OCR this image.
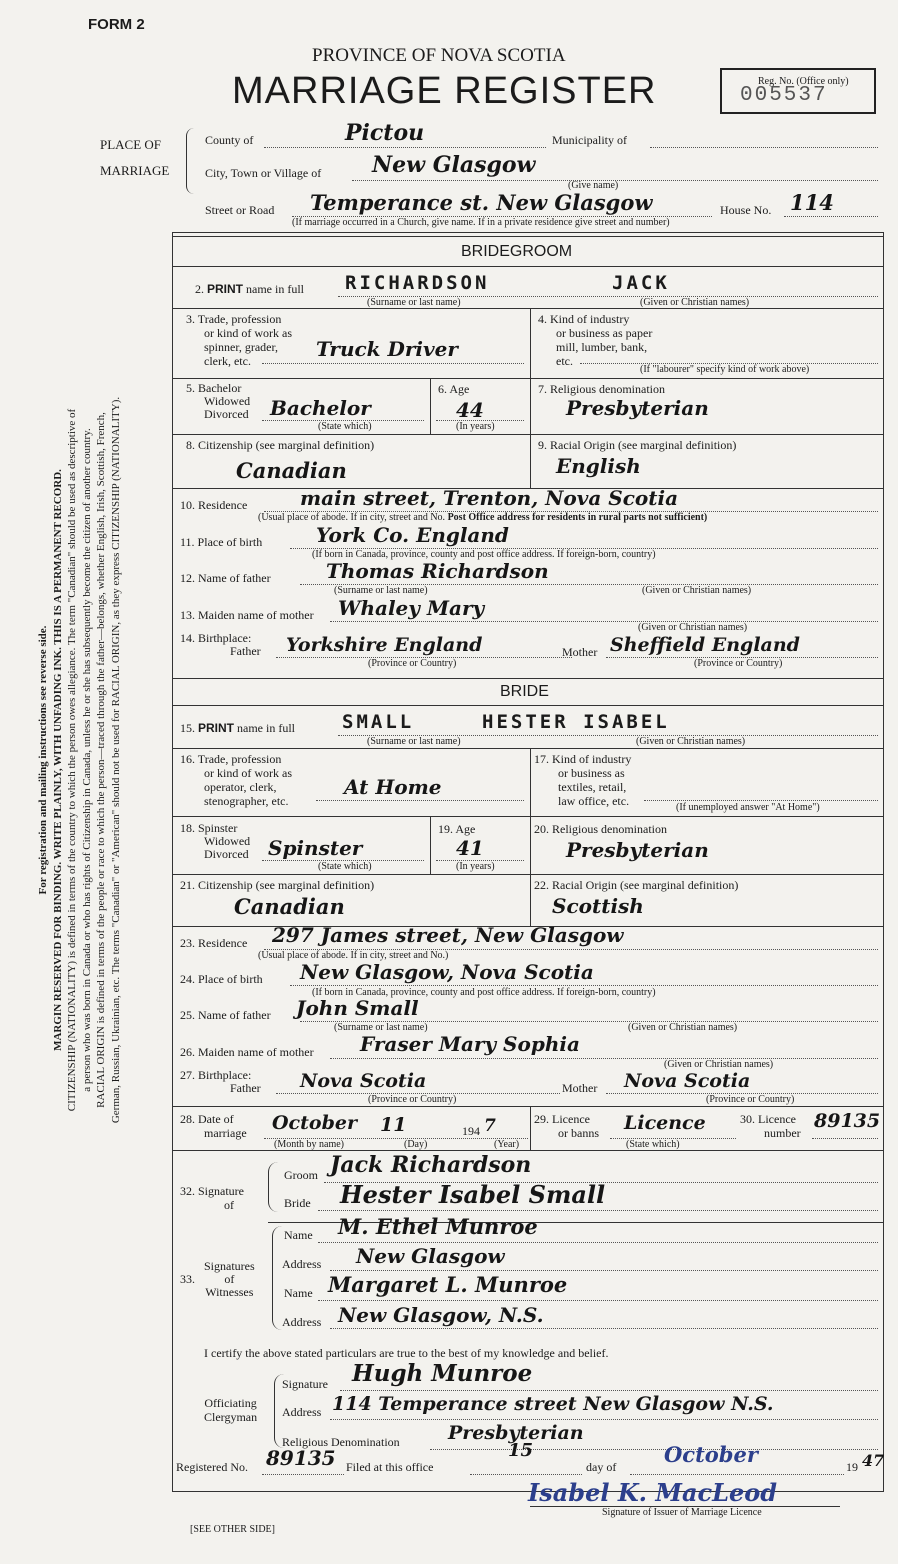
FORM 2
PROVINCE OF NOVA SCOTIA
MARRIAGE REGISTER	Reg. No. (Office only)
005537
For registration and mailing instructions see reverse side. MARGIN RESERVED FOR BINDING. WRITE PLAINLY, WITH UNFADING INK. THIS IS A PERMANENT RECORD. CITIZENSHIP (NATIONALITY) is defined in terms of the country to which the person owes allegiance. The term "Canadian" should be used as descriptive of a person who was born in Canada or who has rights of Citizenship in Canada, unless he or she has subsequently become the citizen of another country. RACIAL ORIGIN is defined in terms of the people or race to which the person—traced through the father—belongs, whether English, Irish, Scottish, French, German, Russian, Ukrainian, etc. The terms "Canadian" or "American" should not be used for RACIAL ORIGIN, as they express CITIZENSHIP (NATIONALITY).
PLACE OF
MARRIAGE
County of	Pictou	Municipality of
City, Town or Village of New Glasgow
(Give name)
Street or Road Temperance st. New Glasgow	House No. 114
(If marriage occurred in a Church, give name. If in a private residence give street and number)
BRIDEGROOM
2. PRINT name in full RICHARDSON	JACK
(Surname or last name)	(Given or Christian names)
3. Trade, profession
or kind of work as
spinner, grader,
clerk, etc.	Truck Driver
4. Kind of industry
or business as paper
mill, lumber, bank,
etc.
(If "labourer" specify kind of work above)
5. Bachelor
Widowed
Divorced Bachelor
(State which)
6. Age
44
(In years)
7. Religious denomination
Presbyterian
8. Citizenship (see marginal definition)
Canadian
9. Racial Origin (see marginal definition)
English
10. Residence	main street, Trenton, Nova Scotia
(Usual place of abode. If in city, street and No. Post Office address for residents in rural parts not sufficient)
11. Place of birth	York Co. England
(If born in Canada, province, county and post office address. If foreign-born, country)
12. Name of father	Thomas Richardson
(Surname or last name)	(Given or Christian names)
13. Maiden name of mother Whaley Mary
(Given or Christian names)
14. Birthplace:
Father Yorkshire England	Mother Sheffield England
(Province or Country)	(Province or Country)
BRIDE
15. PRINT name in full SMALL	HESTER ISABEL
(Surname or last name)	(Given or Christian names)
16. Trade, profession
or kind of work as
operator, clerk,
stenographer, etc.
At Home
17. Kind of industry
or business as
textiles, retail,
law office, etc.	(If unemployed answer "At Home")
18. Spinster
Widowed
Divorced Spinster
(State which)
19. Age
41
(In years)
20. Religious denomination
Presbyterian
21. Citizenship (see marginal definition)
Canadian
22. Racial Origin (see marginal definition)
Scottish
23. Residence 297 James street, New Glasgow
(Usual place of abode. If in city, street and No.)
24. Place of birth New Glasgow, Nova Scotia
(If born in Canada, province, county and post office address. If foreign-born, country)
25. Name of father John Small
(Surname or last name)	(Given or Christian names)
26. Maiden name of mother Fraser Mary Sophia
(Given or Christian names)
27. Birthplace:
Father Nova Scotia	Mother Nova Scotia
(Province or Country)	(Province or Country)
28. Date of
marriage October 11	194 7
(Month by name)	(Day)	(Year)
29. Licence
or banns Licence
(State which)
30. Licence
number
89135
32. Signature
of
Groom Jack Richardson
Bride Hester Isabel Small
33.
Signatures
of
Witnesses
Name M. Ethel Munroe
Address New Glasgow
Name Margaret L. Munroe
Address New Glasgow, N.S.
I certify the above stated particulars are true to the best of my knowledge and belief.
Officiating
Clergyman
Signature Hugh Munroe
Address 114 Temperance street New Glasgow N.S.
Religious Denomination	Presbyterian
Registered No. 89135 Filed at this office
15
day of October	19 47
Isabel K. MacLeod
Signature of Issuer of Marriage Licence
[SEE OTHER SIDE]
